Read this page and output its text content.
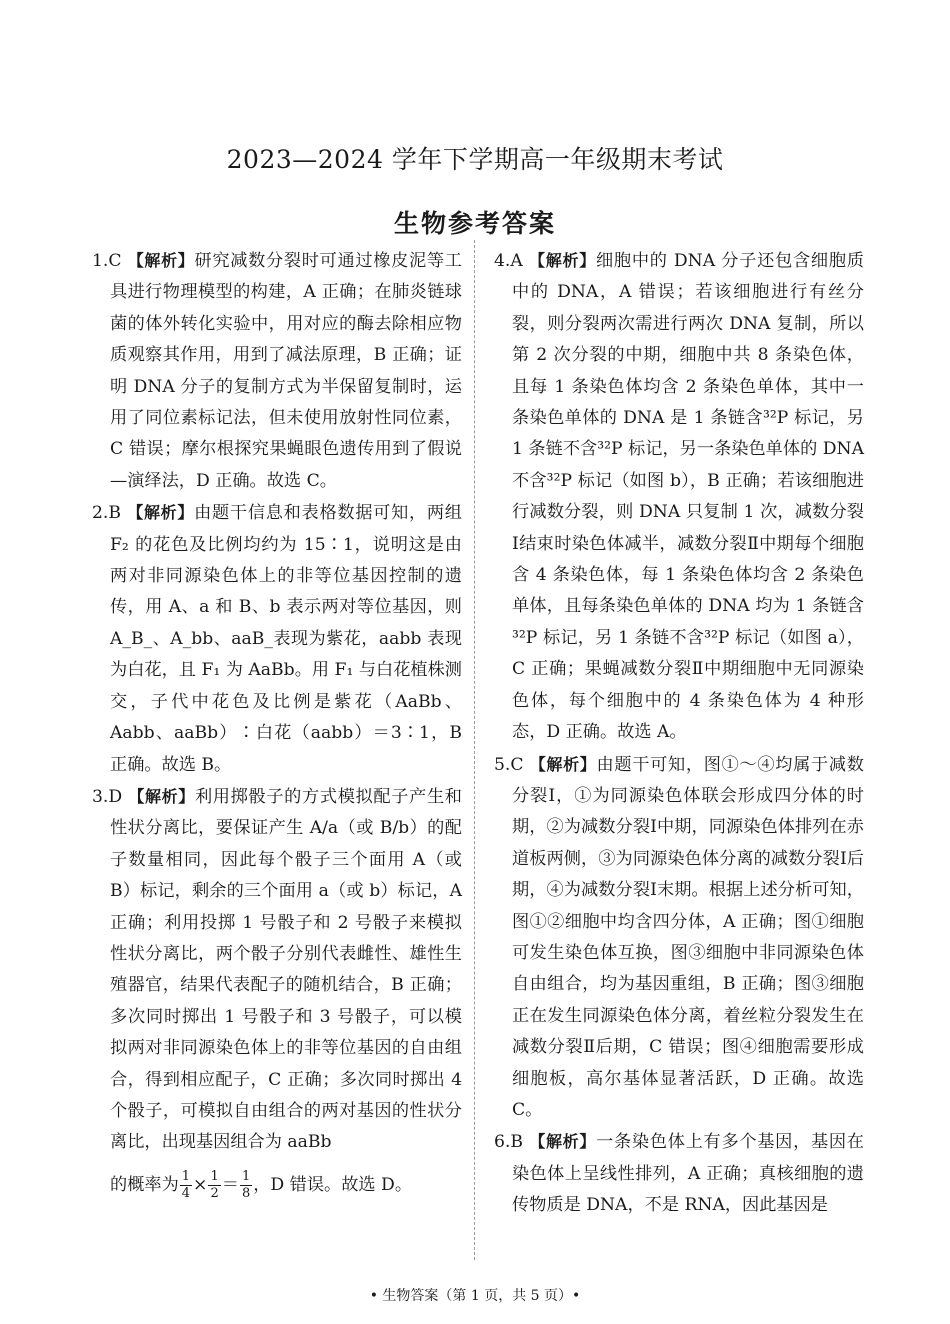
2023—2024 学年下学期高一年级期末考试
生物参考答案

1.C 【解析】研究减数分裂时可通过橡皮泥等工具进行物理模型的构建，A 正确；在肺炎链球菌的体外转化实验中，用对应的酶去除相应物质观察其作用，用到了减法原理，B 正确；证明 DNA 分子的复制方式为半保留复制时，运用了同位素标记法，但未使用放射性同位素，C 错误；摩尔根探究果蝇眼色遗传用到了假说—演绎法，D 正确。故选 C。

2.B 【解析】由题干信息和表格数据可知，两组 F₂ 的花色及比例均约为 15∶1，说明这是由两对非同源染色体上的非等位基因控制的遗传，用 A、a 和 B、b 表示两对等位基因，则 A_B_、A_bb、aaB_表现为紫花，aabb 表现为白花，且 F₁ 为 AaBb。用 F₁ 与白花植株测交，子代中花色及比例是紫花（AaBb、Aabb、aaBb）∶白花（aabb）＝3∶1，B 正确。故选 B。

3.D 【解析】利用掷骰子的方式模拟配子产生和性状分离比，要保证产生 A/a（或 B/b）的配子数量相同，因此每个骰子三个面用 A（或 B）标记，剩余的三个面用 a（或 b）标记，A 正确；利用投掷 1 号骰子和 2 号骰子来模拟性状分离比，两个骰子分别代表雌性、雄性生殖器官，结果代表配子的随机结合，B 正确；多次同时掷出 1 号骰子和 3 号骰子，可以模拟两对非同源染色体上的非等位基因的自由组合，得到相应配子，C 正确；多次同时掷出 4 个骰子，可模拟自由组合的两对基因的性状分离比，出现基因组合为 aaBb

的概率为 $\frac{1}{4} \times \frac{1}{2} = \frac{1}{8}$ ，D 错误。故选 D。

4.A 【解析】细胞中的 DNA 分子还包含细胞质中的 DNA，A 错误；若该细胞进行有丝分裂，则分裂两次需进行两次 DNA 复制，所以第 2 次分裂的中期，细胞中共 8 条染色体，且每 1 条染色体均含 2 条染色单体，其中一条染色单体的 DNA 是 1 条链含³²P 标记，另 1 条链不含³²P 标记，另一条染色单体的 DNA 不含³²P 标记（如图 b），B 正确；若该细胞进行减数分裂，则 DNA 只复制 1 次，减数分裂Ⅰ结束时染色体减半，减数分裂Ⅱ中期每个细胞含 4 条染色体，每 1 条染色体均含 2 条染色单体，且每条染色单体的 DNA 均为 1 条链含³²P 标记，另 1 条链不含³²P 标记（如图 a），C 正确；果蝇减数分裂Ⅱ中期细胞中无同源染色体，每个细胞中的 4 条染色体为 4 种形态，D 正确。故选 A。

5.C 【解析】由题干可知，图①～④均属于减数分裂Ⅰ，①为同源染色体联会形成四分体的时期，②为减数分裂Ⅰ中期，同源染色体排列在赤道板两侧，③为同源染色体分离的减数分裂Ⅰ后期，④为减数分裂Ⅰ末期。根据上述分析可知，图①②细胞中均含四分体，A 正确；图①细胞可发生染色体互换，图③细胞中非同源染色体自由组合，均为基因重组，B 正确；图③细胞正在发生同源染色体分离，着丝粒分裂发生在减数分裂Ⅱ后期，C 错误；图④细胞需要形成细胞板，高尔基体显著活跃，D 正确。故选 C。

6.B 【解析】一条染色体上有多个基因，基因在染色体上呈线性排列，A 正确；真核细胞的遗传物质是 DNA，不是 RNA，因此基因是

• 生物答案（第 1 页，共 5 页）•
